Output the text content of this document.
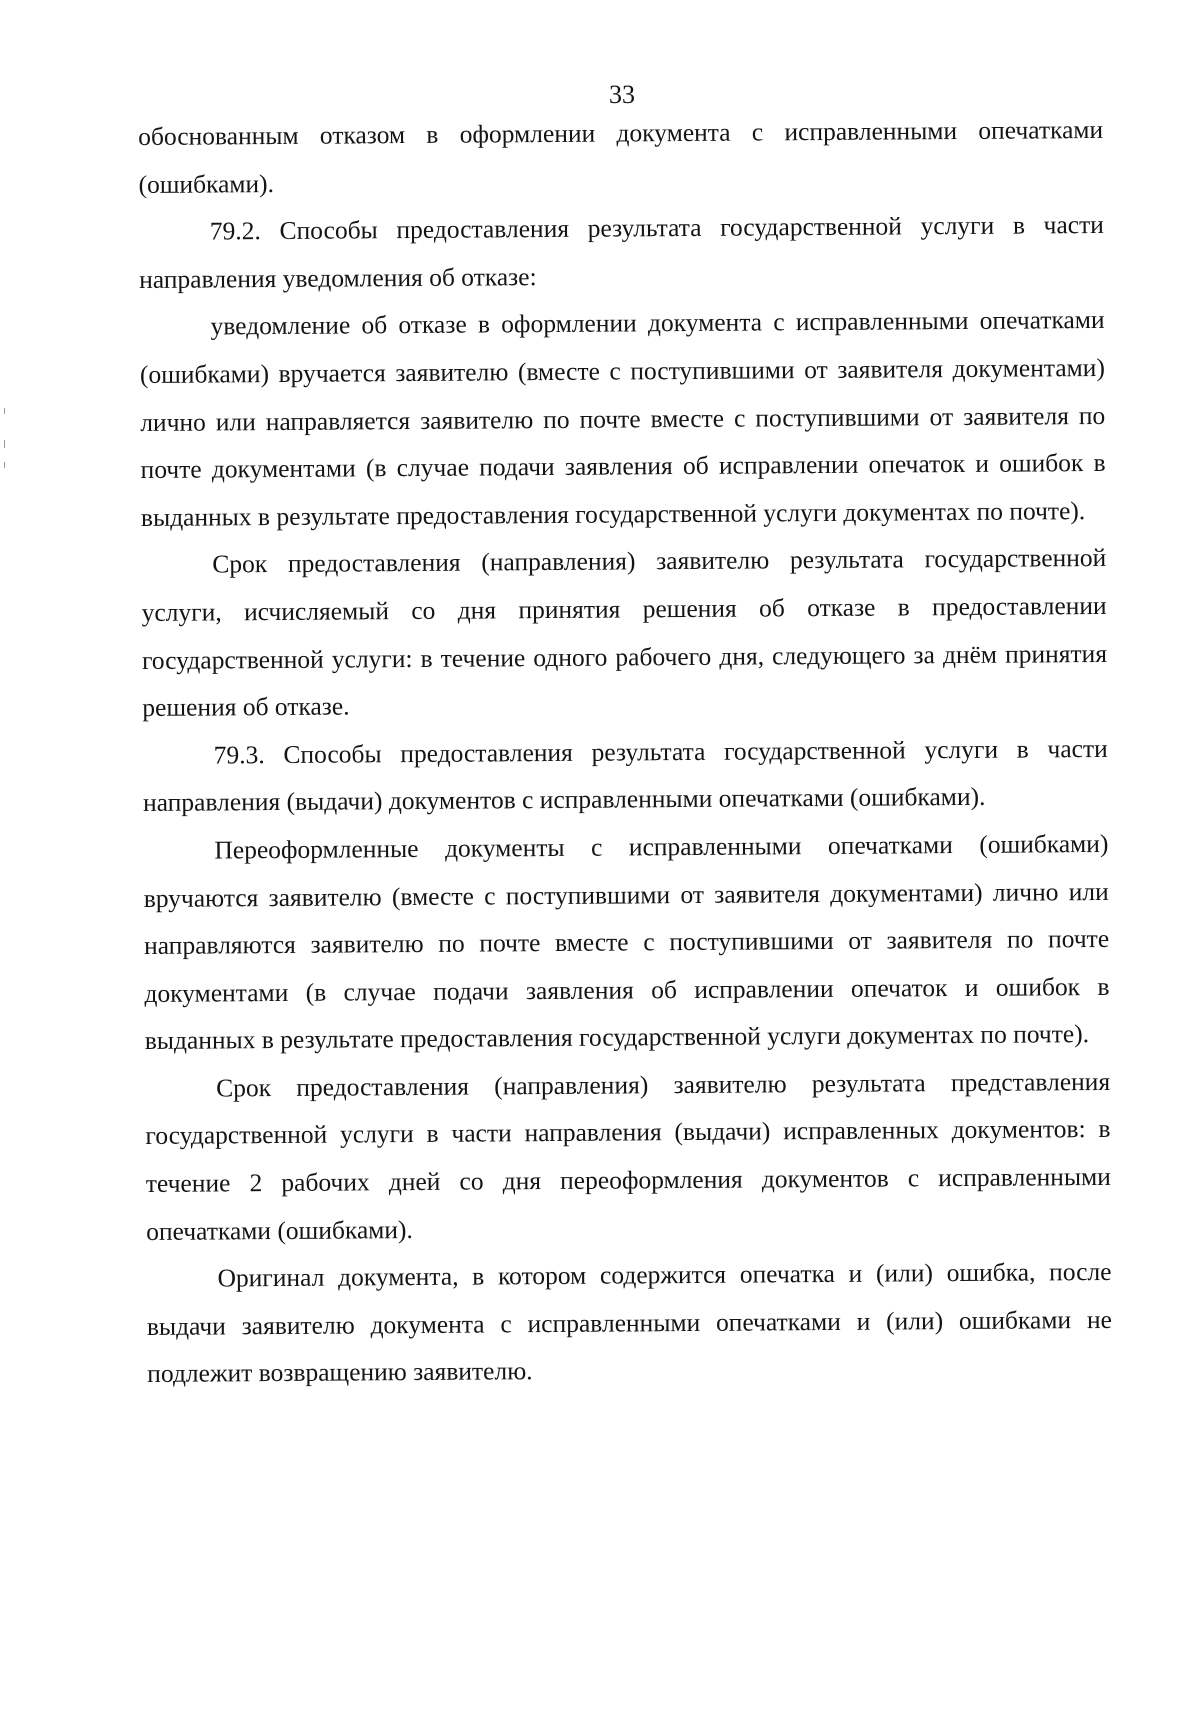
33

обоснованным отказом в оформлении документа с исправленными опечатками (ошибками).

79.2. Способы предоставления результата государственной услуги в части направления уведомления об отказе:

уведомление об отказе в оформлении документа с исправленными опечатками (ошибками) вручается заявителю (вместе с поступившими от заявителя документами) лично или направляется заявителю по почте вместе с поступившими от заявителя по почте документами (в случае подачи заявления об исправлении опечаток и ошибок в выданных в результате предоставления государственной услуги документах по почте).

Срок предоставления (направления) заявителю результата государственной услуги, исчисляемый со дня принятия решения об отказе в предоставлении государственной услуги: в течение одного рабочего дня, следующего за днём принятия решения об отказе.

79.3. Способы предоставления результата государственной услуги в части направления (выдачи) документов с исправленными опечатками (ошибками).

Переоформленные документы с исправленными опечатками (ошибками) вручаются заявителю (вместе с поступившими от заявителя документами) лично или направляются заявителю по почте вместе с поступившими от заявителя по почте документами (в случае подачи заявления об исправлении опечаток и ошибок в выданных в результате предоставления государственной услуги документах по почте).

Срок предоставления (направления) заявителю результата представления государственной услуги в части направления (выдачи) исправленных документов: в течение 2 рабочих дней со дня переоформления документов с исправленными опечатками (ошибками).

Оригинал документа, в котором содержится опечатка и (или) ошибка, после выдачи заявителю документа с исправленными опечатками и (или) ошибками не подлежит возвращению заявителю.
